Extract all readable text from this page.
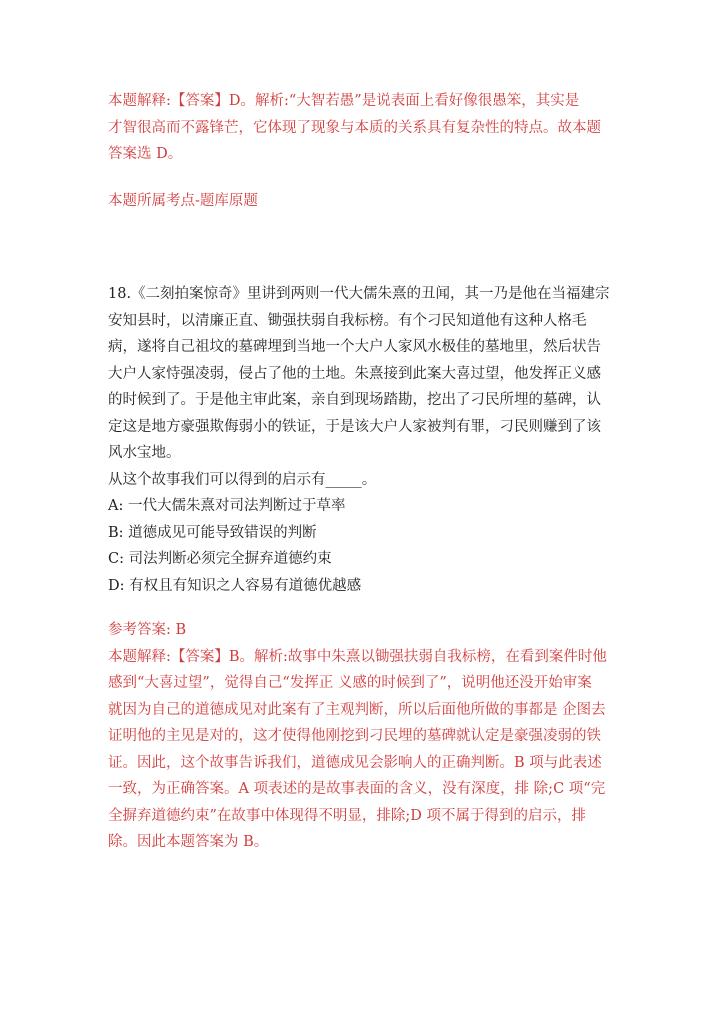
本题解释:【答案】D。解析:“大智若愚”是说表面上看好像很愚笨，其实是
才智很高而不露锋芒，它体现了现象与本质的关系具有复杂性的特点。故本题
答案选 D。
本题所属考点-题库原题
18.《二刻拍案惊奇》里讲到两则一代大儒朱熹的丑闻，其一乃是他在当福建宗
安知县时，以清廉正直、锄强扶弱自我标榜。有个刁民知道他有这种人格毛
病，遂将自己祖坟的墓碑埋到当地一个大户人家风水极佳的墓地里，然后状告
大户人家恃强凌弱，侵占了他的土地。朱熹接到此案大喜过望，他发挥正义感
的时候到了。于是他主审此案，亲自到现场踏勘，挖出了刁民所埋的墓碑，认
定这是地方豪强欺侮弱小的铁证，于是该大户人家被判有罪，刁民则赚到了该
风水宝地。
从这个故事我们可以得到的启示有_____。
A: 一代大儒朱熹对司法判断过于草率
B: 道德成见可能导致错误的判断
C: 司法判断必须完全摒弃道德约束
D: 有权且有知识之人容易有道德优越感
参考答案: B
本题解释:【答案】B。解析:故事中朱熹以锄强扶弱自我标榜，在看到案件时他
感到“大喜过望”，觉得自己“发挥正 义感的时候到了”，说明他还没开始审案
就因为自己的道德成见对此案有了主观判断，所以后面他所做的事都是 企图去
证明他的主见是对的，这才使得他刚挖到刁民埋的墓碑就认定是豪强凌弱的铁
证。因此，这个故事告诉我们，道德成见会影响人的正确判断。B 项与此表述
一致，为正确答案。A 项表述的是故事表面的含义，没有深度，排 除;C 项“完
全摒弃道德约束”在故事中体现得不明显，排除;D 项不属于得到的启示，排
除。因此本题答案为 B。
